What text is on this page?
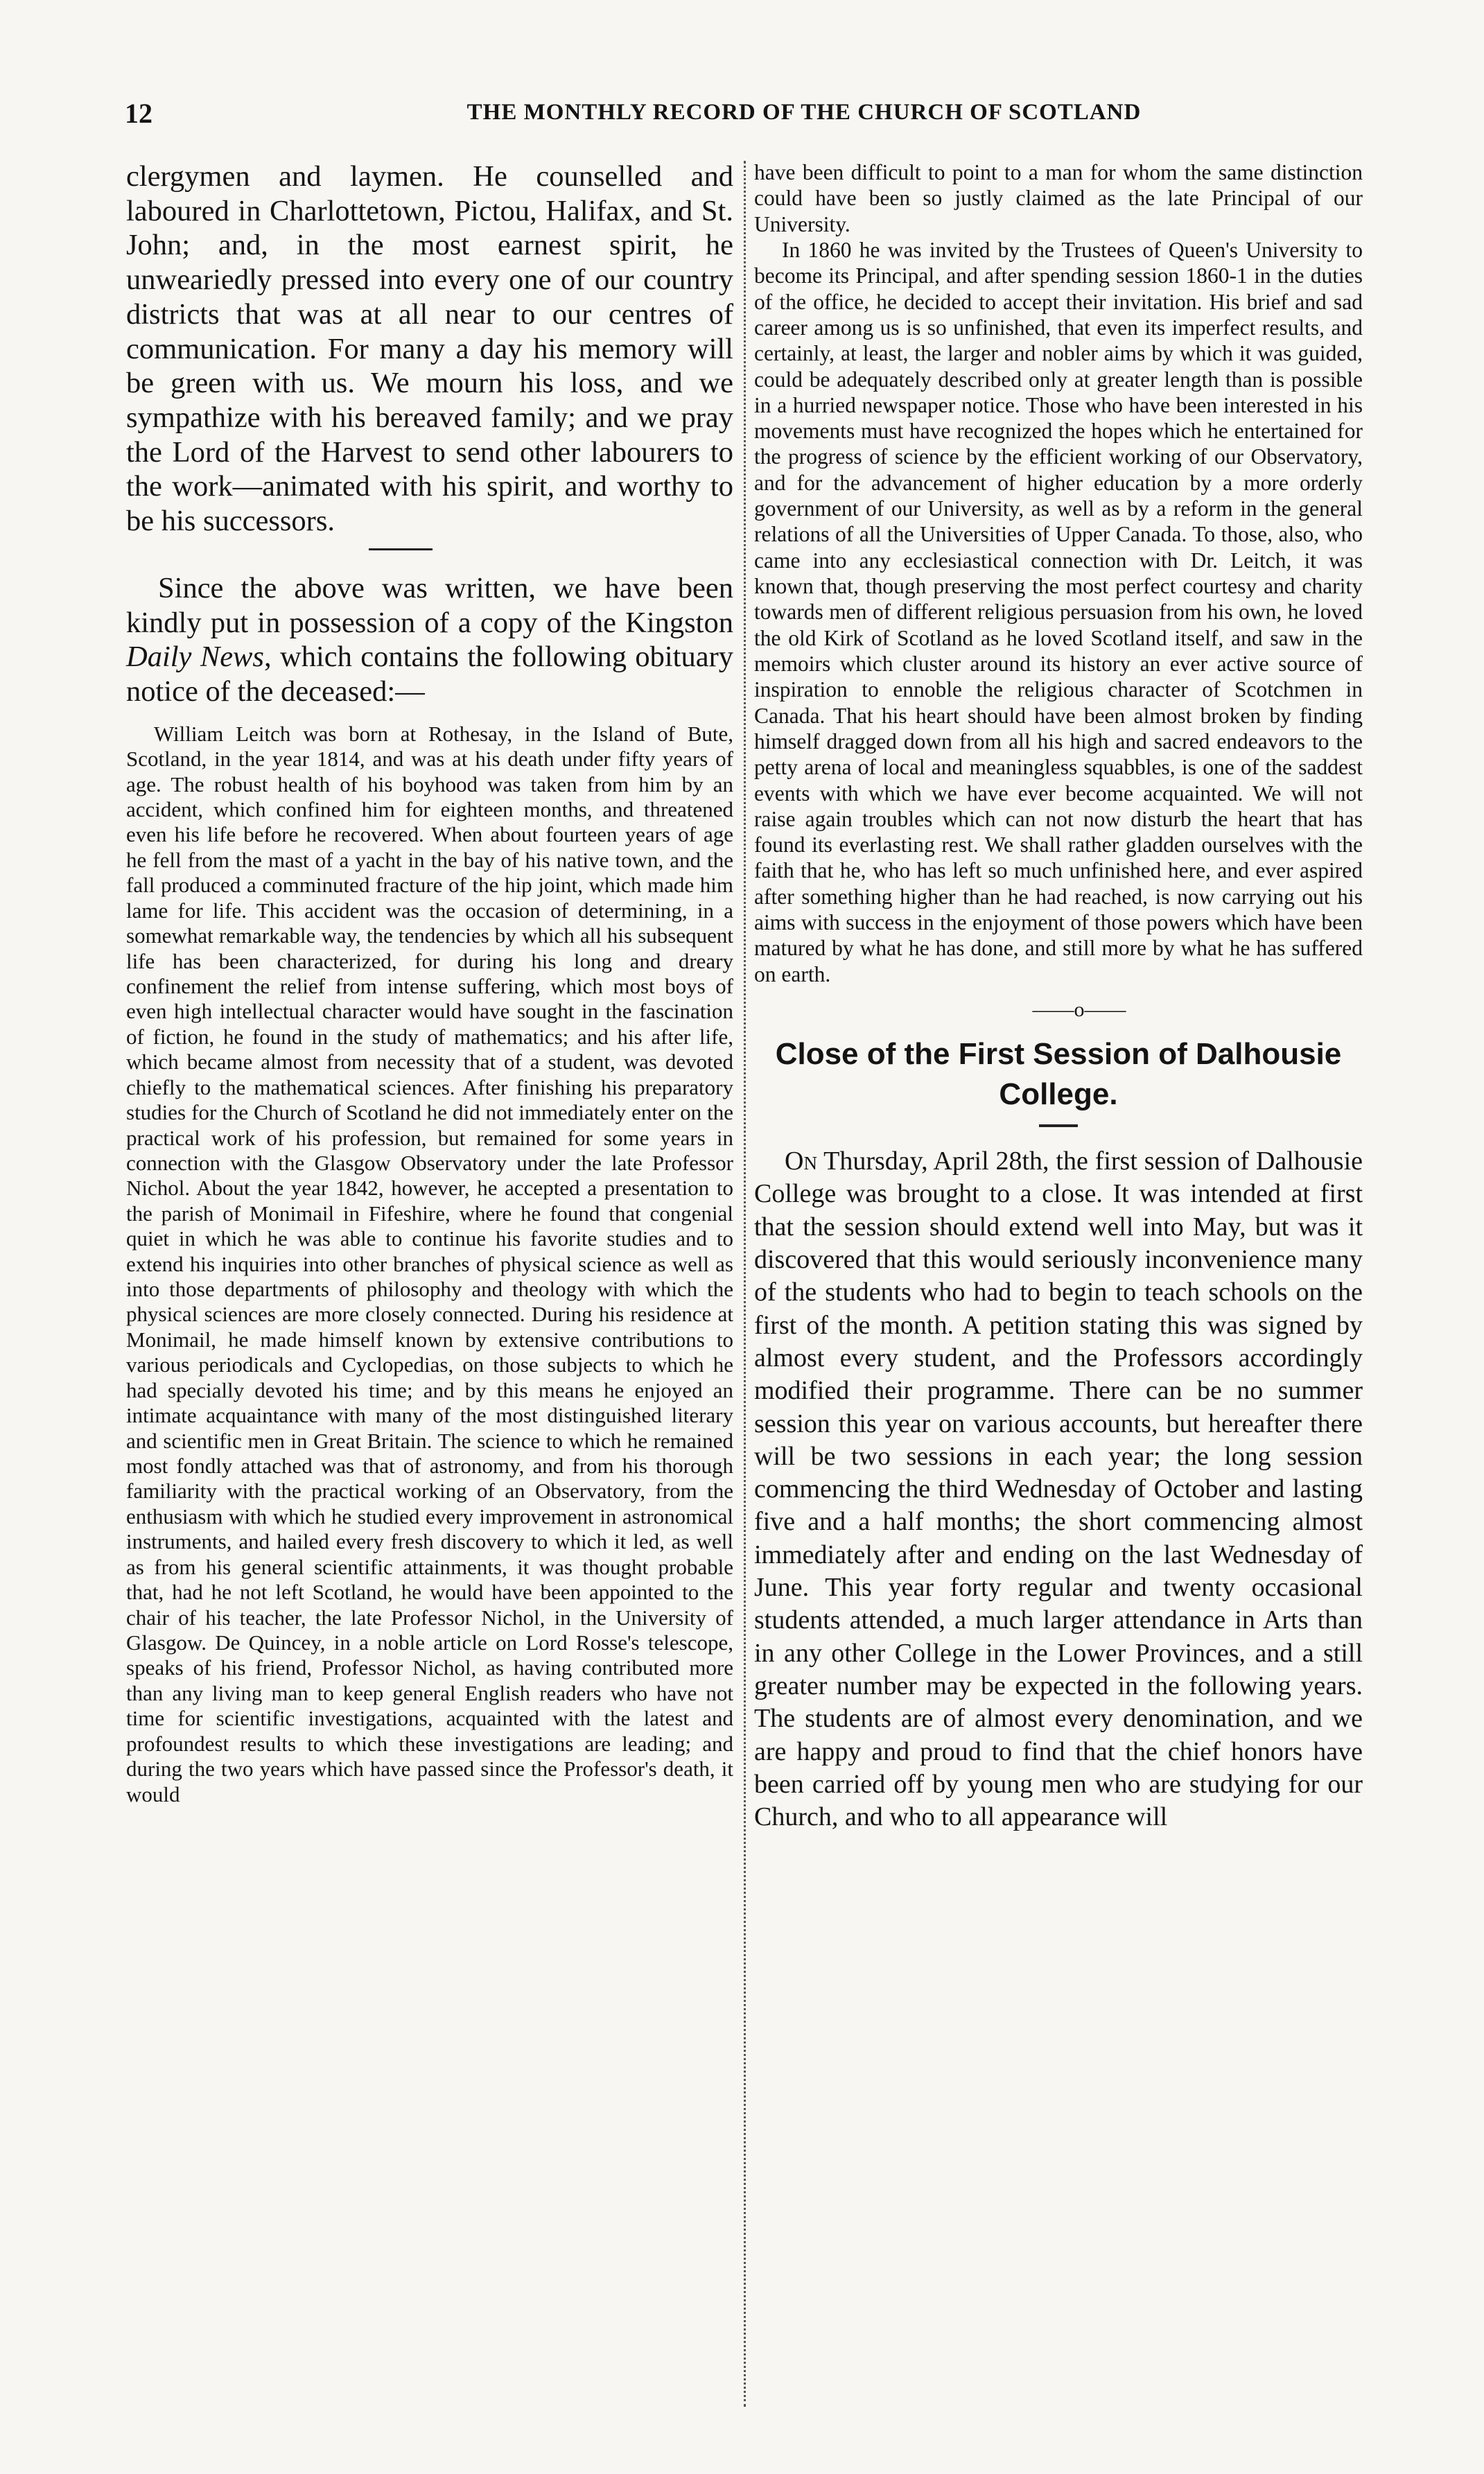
12	THE MONTHLY RECORD OF THE CHURCH OF SCOTLAND

clergymen and laymen. He counselled and laboured in Charlottetown, Pictou, Halifax, and St. John; and, in the most earnest spirit, he unweariedly pressed into every one of our country districts that was at all near to our centres of communication. For many a day his memory will be green with us. We mourn his loss, and we sympathize with his bereaved family; and we pray the Lord of the Harvest to send other labourers to the work—animated with his spirit, and worthy to be his successors.

Since the above was written, we have been kindly put in possession of a copy of the Kingston Daily News, which contains the following obituary notice of the deceased:—

William Leitch was born at Rothesay, in the Island of Bute, Scotland, in the year 1814, and was at his death under fifty years of age. The robust health of his boyhood was taken from him by an accident, which confined him for eighteen months, and threatened even his life before he recovered. When about fourteen years of age he fell from the mast of a yacht in the bay of his native town, and the fall produced a comminuted fracture of the hip joint, which made him lame for life. This accident was the occasion of determining, in a somewhat remarkable way, the tendencies by which all his subsequent life has been characterized, for during his long and dreary confinement the relief from intense suffering, which most boys of even high intellectual character would have sought in the fascination of fiction, he found in the study of mathematics; and his after life, which became almost from necessity that of a student, was devoted chiefly to the mathematical sciences. After finishing his preparatory studies for the Church of Scotland he did not immediately enter on the practical work of his profession, but remained for some years in connection with the Glasgow Observatory under the late Professor Nichol. About the year 1842, however, he accepted a presentation to the parish of Monimail in Fifeshire, where he found that congenial quiet in which he was able to continue his favorite studies and to extend his inquiries into other branches of physical science as well as into those departments of philosophy and theology with which the physical sciences are more closely connected. During his residence at Monimail, he made himself known by extensive contributions to various periodicals and Cyclopedias, on those subjects to which he had specially devoted his time; and by this means he enjoyed an intimate acquaintance with many of the most distinguished literary and scientific men in Great Britain. The science to which he remained most fondly attached was that of astronomy, and from his thorough familiarity with the practical working of an Observatory, from the enthusiasm with which he studied every improvement in astronomical instruments, and hailed every fresh discovery to which it led, as well as from his general scientific attainments, it was thought probable that, had he not left Scotland, he would have been appointed to the chair of his teacher, the late Professor Nichol, in the University of Glasgow. De Quincey, in a noble article on Lord Rosse's telescope, speaks of his friend, Professor Nichol, as having contributed more than any living man to keep general English readers who have not time for scientific investigations, acquainted with the latest and profoundest results to which these investigations are leading; and during the two years which have passed since the Professor's death, it would

have been difficult to point to a man for whom the same distinction could have been so justly claimed as the late Principal of our University.

In 1860 he was invited by the Trustees of Queen's University to become its Principal, and after spending session 1860-1 in the duties of the office, he decided to accept their invitation. His brief and sad career among us is so unfinished, that even its imperfect results, and certainly, at least, the larger and nobler aims by which it was guided, could be adequately described only at greater length than is possible in a hurried newspaper notice. Those who have been interested in his movements must have recognized the hopes which he entertained for the progress of science by the efficient working of our Observatory, and for the advancement of higher education by a more orderly government of our University, as well as by a reform in the general relations of all the Universities of Upper Canada. To those, also, who came into any ecclesiastical connection with Dr. Leitch, it was known that, though preserving the most perfect courtesy and charity towards men of different religious persuasion from his own, he loved the old Kirk of Scotland as he loved Scotland itself, and saw in the memoirs which cluster around its history an ever active source of inspiration to ennoble the religious character of Scotchmen in Canada. That his heart should have been almost broken by finding himself dragged down from all his high and sacred endeavors to the petty arena of local and meaningless squabbles, is one of the saddest events with which we have ever become acquainted. We will not raise again troubles which can not now disturb the heart that has found its everlasting rest. We shall rather gladden ourselves with the faith that he, who has left so much unfinished here, and ever aspired after something higher than he had reached, is now carrying out his aims with success in the enjoyment of those powers which have been matured by what he has done, and still more by what he has suffered on earth.

——o——
Close of the First Session of Dalhousie College.

On Thursday, April 28th, the first session of Dalhousie College was brought to a close. It was intended at first that the session should extend well into May, but was it discovered that this would seriously inconvenience many of the students who had to begin to teach schools on the first of the month. A petition stating this was signed by almost every student, and the Professors accordingly modified their programme. There can be no summer session this year on various accounts, but hereafter there will be two sessions in each year; the long session commencing the third Wednesday of October and lasting five and a half months; the short commencing almost immediately after and ending on the last Wednesday of June. This year forty regular and twenty occasional students attended, a much larger attendance in Arts than in any other College in the Lower Provinces, and a still greater number may be expected in the following years. The students are of almost every denomination, and we are happy and proud to find that the chief honors have been carried off by young men who are studying for our Church, and who to all appearance will
